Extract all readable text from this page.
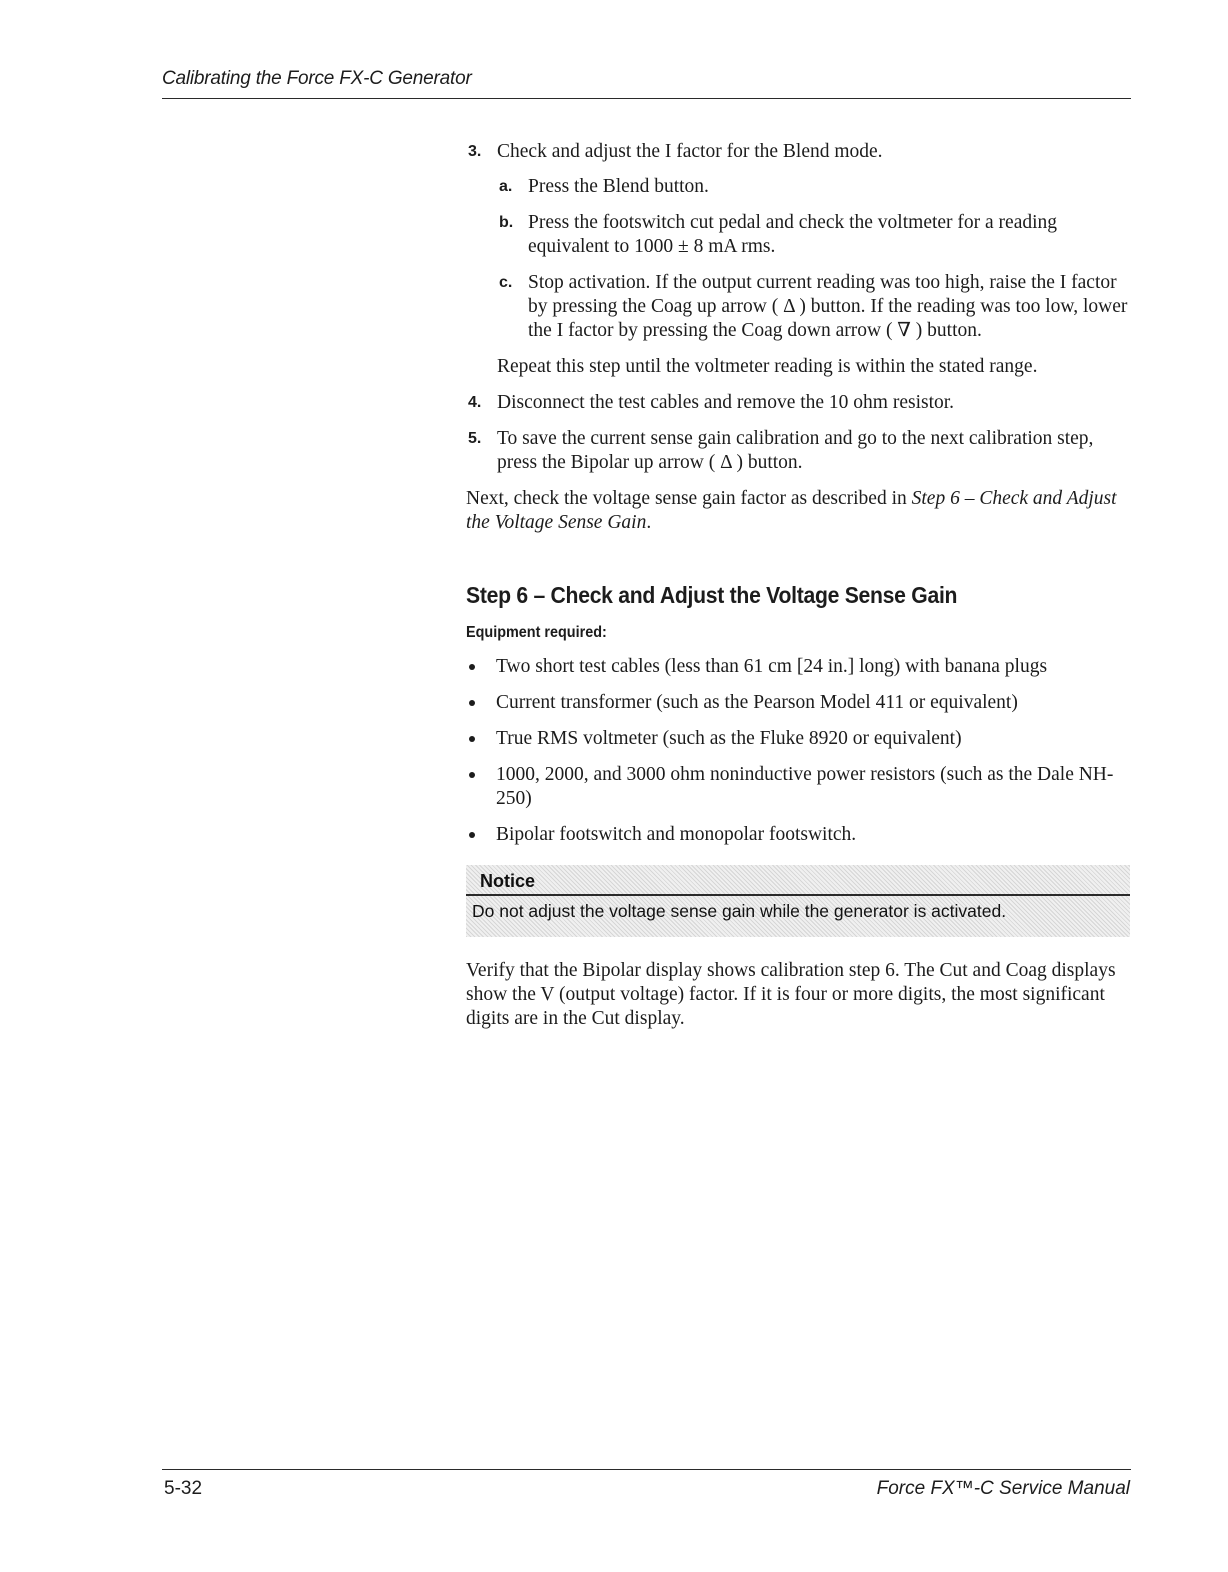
Calibrating the Force FX-C Generator
3. Check and adjust the I factor for the Blend mode.
a. Press the Blend button.
b. Press the footswitch cut pedal and check the voltmeter for a reading equivalent to 1000 ± 8 mA rms.
c. Stop activation. If the output current reading was too high, raise the I factor by pressing the Coag up arrow ( Δ ) button. If the reading was too low, lower the I factor by pressing the Coag down arrow ( ∇ ) button.
Repeat this step until the voltmeter reading is within the stated range.
4. Disconnect the test cables and remove the 10 ohm resistor.
5. To save the current sense gain calibration and go to the next calibration step, press the Bipolar up arrow ( Δ ) button.

Next, check the voltage sense gain factor as described in Step 6 – Check and Adjust the Voltage Sense Gain.

Step 6 – Check and Adjust the Voltage Sense Gain
Equipment required:
Two short test cables (less than 61 cm [24 in.] long) with banana plugs
Current transformer (such as the Pearson Model 411 or equivalent)
True RMS voltmeter (such as the Fluke 8920 or equivalent)
1000, 2000, and 3000 ohm noninductive power resistors (such as the Dale NH-250)
Bipolar footswitch and monopolar footswitch.
Notice
Do not adjust the voltage sense gain while the generator is activated.

Verify that the Bipolar display shows calibration step 6. The Cut and Coag displays show the V (output voltage) factor. If it is four or more digits, the most significant digits are in the Cut display.

5-32	Force FX™-C Service Manual
